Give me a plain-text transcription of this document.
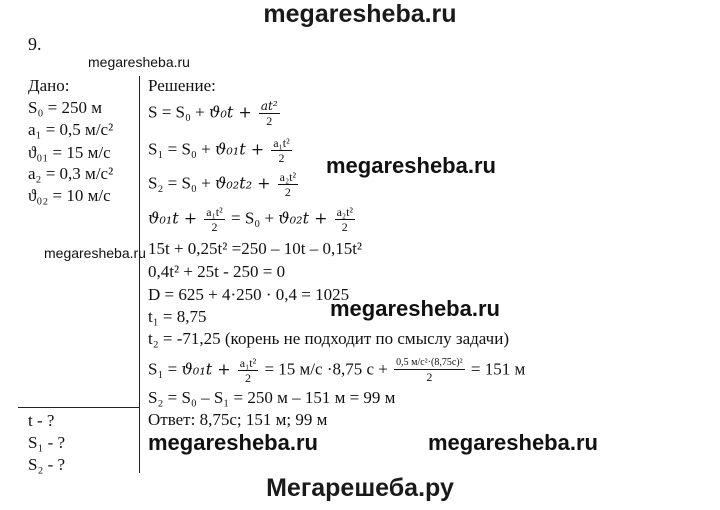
megaresheba.ru
9.
megaresheba.ru
Дано:
S₀ = 250 м
a₁ = 0,5 м/с²
ϑ₀₁ = 15 м/с
a₂ = 0,3 м/с²
ϑ₀₂ = 10 м/с
t - ?
S₁ - ?
S₂ - ?
megaresheba.ru
Решение:
$S = S_0 + ϑ_0t + \frac{\text{at²}}{2}$
$S_1 = S_0 + ϑ_{01}t + \frac{\text{a₁t²}}{2}$
$S_2 = S_0 + ϑ_{02}t_2 + \frac{\text{a₂t²}}{2}$
megaresheba.ru
$ϑ_{01}t + \frac{\text{a₁t²}}{2} = S_0 + ϑ_{02}t + \frac{\text{a₂t²}}{2}$
15t + 0,25t² =250 – 10t – 0,15t²
0,4t² + 25t - 250 = 0
D = 625 + 4·250 · 0,4 = 1025
megaresheba.ru
t₁ = 8,75
t₂ = -71,25 (корень не подходит по смыслу задачи)
$S_1 = ϑ_{01}t + \frac{\text{a₁t²}}{2} = 15$ м/с ·8,75 $с + \frac{\text{0,5 м/с²·(8,75с)²}}{2} = 151$ м
S₂ = S₀ – S₁ = 250 м – 151 м = 99 м
Ответ: 8,75с; 151 м; 99 м
megaresheba.ru	megaresheba.ru
Мегарешеба.ру
